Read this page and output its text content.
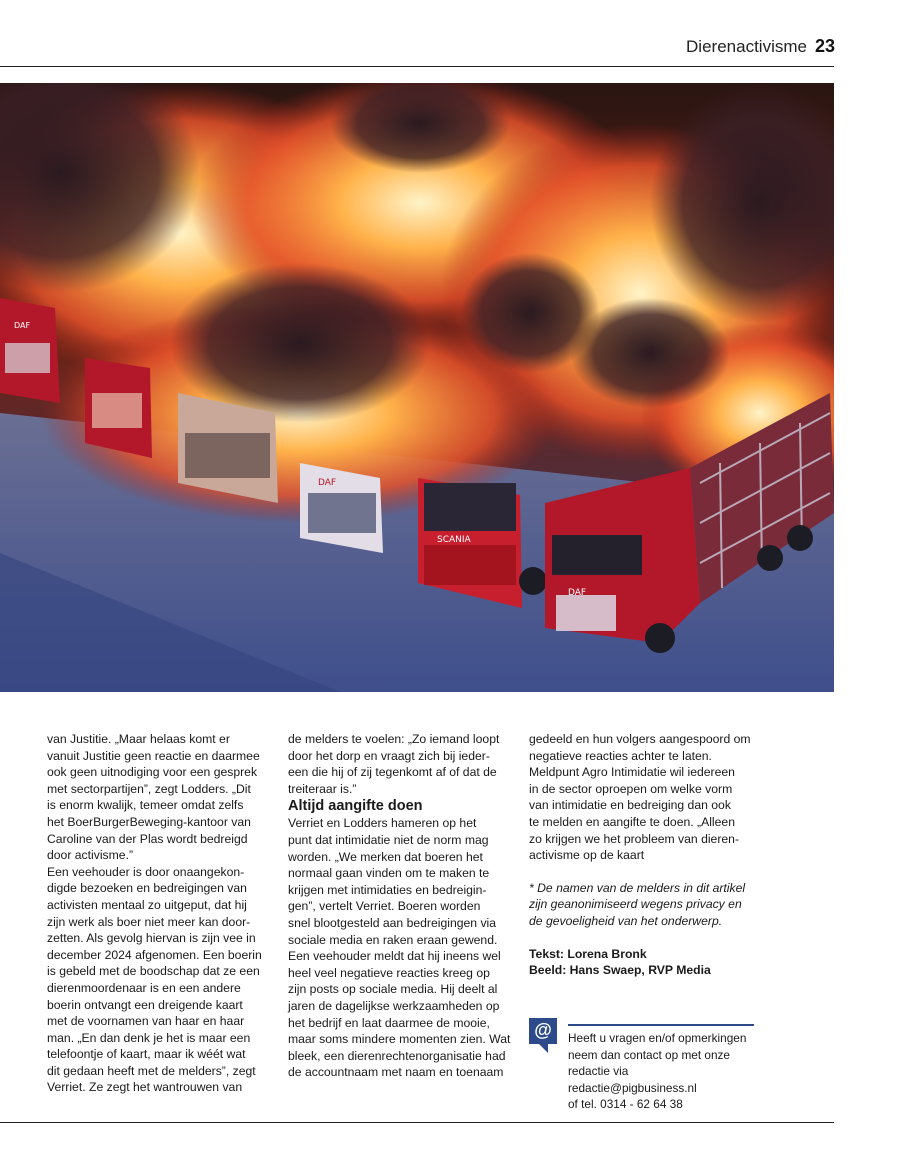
Dierenactivisme 23
DAF
SCANIA
DAF
DAF

van Justitie. „Maar helaas komt er
vanuit Justitie geen reactie en daarmee
ook geen uitnodiging voor een gesprek
met sectorpartijen”, zegt Lodders. „Dit
is enorm kwalijk, temeer omdat zelfs
het BoerBurgerBeweging-kantoor van
Caroline van der Plas wordt bedreigd
door activisme.”
Een veehouder is door onaangekon-
digde bezoeken en bedreigingen van
activisten mentaal zo uitgeput, dat hij
zijn werk als boer niet meer kan door-
zetten. Als gevolg hiervan is zijn vee in
december 2024 afgenomen. Een boerin
is gebeld met de boodschap dat ze een
dierenmoordenaar is en een andere
boerin ontvangt een dreigende kaart
met de voornamen van haar en haar
man. „En dan denk je het is maar een
telefoontje of kaart, maar ik wéét wat
dit gedaan heeft met de melders”, zegt
Verriet. Ze zegt het wantrouwen van

de melders te voelen: „Zo iemand loopt
door het dorp en vraagt zich bij ieder-
een die hij of zij tegenkomt af of dat de
treiteraar is.”

Altijd aangifte doen

Verriet en Lodders hameren op het
punt dat intimidatie niet de norm mag
worden. „We merken dat boeren het
normaal gaan vinden om te maken te
krijgen met intimidaties en bedreigin-
gen”, vertelt Verriet. Boeren worden
snel blootgesteld aan bedreigingen via
sociale media en raken eraan gewend.
Een veehouder meldt dat hij ineens wel
heel veel negatieve reacties kreeg op
zijn posts op sociale media. Hij deelt al
jaren de dagelijkse werkzaamheden op
het bedrijf en laat daarmee de mooie,
maar soms mindere momenten zien. Wat
bleek, een dierenrechtenorganisatie had
de accountnaam met naam en toenaam

gedeeld en hun volgers aangespoord om
negatieve reacties achter te laten.
Meldpunt Agro Intimidatie wil iedereen
in de sector oproepen om welke vorm
van intimidatie en bedreiging dan ook
te melden en aangifte te doen. „Alleen
zo krijgen we het probleem van dieren-
activisme op de kaart

* De namen van de melders in dit artikel
zijn geanonimiseerd wegens privacy en
de gevoeligheid van het onderwerp.

Tekst: Lorena Bronk
Beeld: Hans Swaep, RVP Media

@	Heeft u vragen en/of opmerkingen
neem dan contact op met onze
redactie via redactie@pigbusiness.nl
of tel. 0314 - 62 64 38
